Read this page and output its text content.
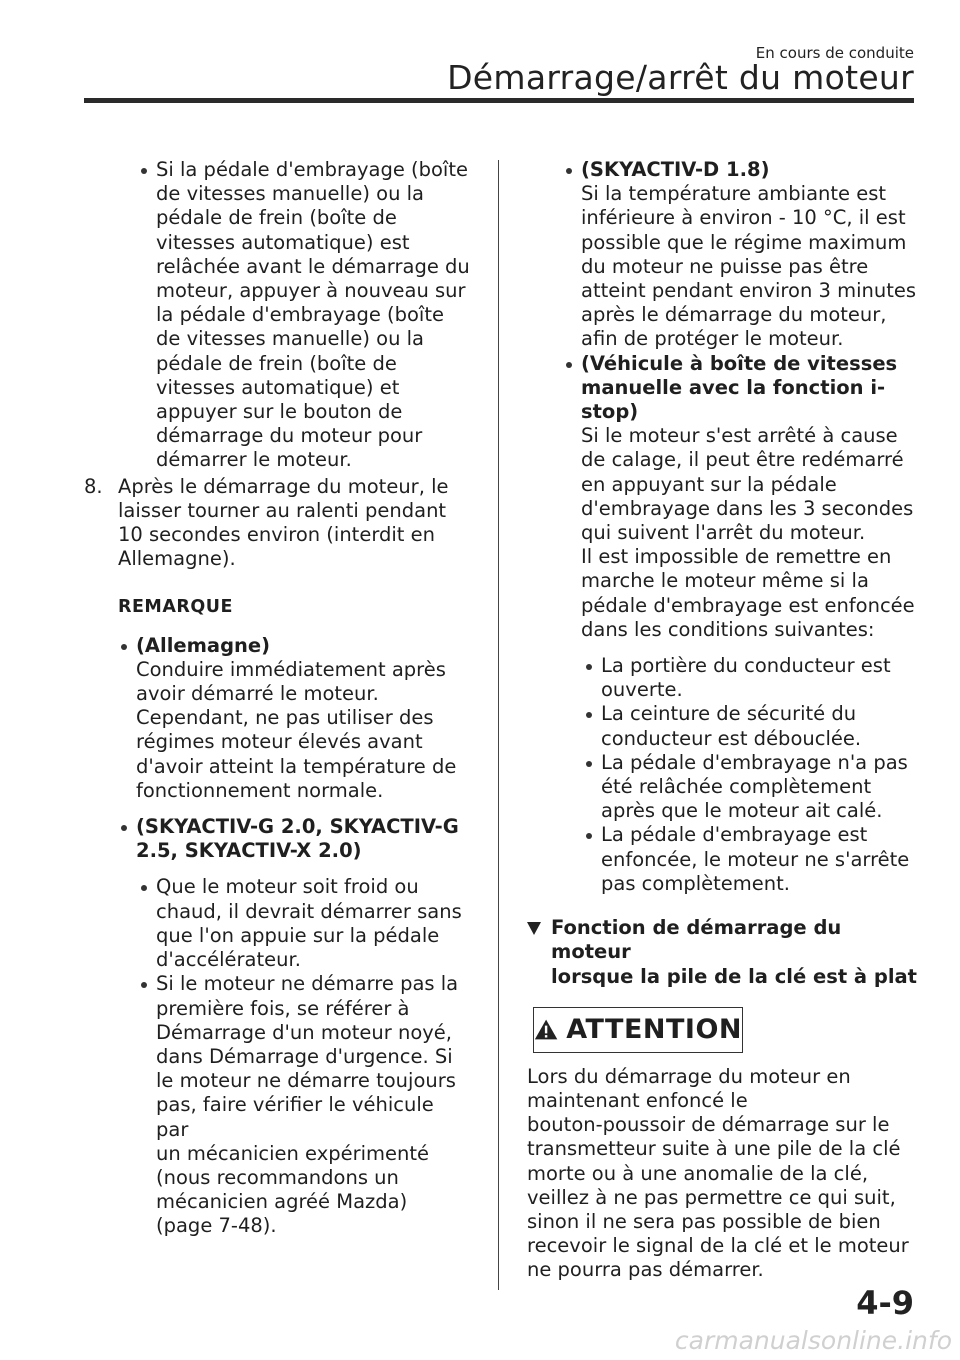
En cours de conduite
Démarrage/arrêt du moteur
Si la pédale d'embrayage (boîte
de vitesses manuelle) ou la
pédale de frein (boîte de
vitesses automatique) est
relâchée avant le démarrage du
moteur, appuyer à nouveau sur
la pédale d'embrayage (boîte
de vitesses manuelle) ou la
pédale de frein (boîte de
vitesses automatique) et
appuyer sur le bouton de
démarrage du moteur pour
démarrer le moteur.
8. Après le démarrage du moteur, le
laisser tourner au ralenti pendant
10 secondes environ (interdit en
Allemagne).

REMARQUE

(Allemagne)
Conduire immédiatement après
avoir démarré le moteur.
Cependant, ne pas utiliser des
régimes moteur élevés avant
d'avoir atteint la température de
fonctionnement normale.
(SKYACTIV-G 2.0, SKYACTIV-G
2.5, SKYACTIV-X 2.0)
Que le moteur soit froid ou
chaud, il devrait démarrer sans
que l'on appuie sur la pédale
d'accélérateur.
Si le moteur ne démarre pas la
première fois, se référer à
Démarrage d'un moteur noyé,
dans Démarrage d'urgence. Si
le moteur ne démarre toujours
pas, faire vérifier le véhicule par
un mécanicien expérimenté
(nous recommandons un
mécanicien agréé Mazda)
(page 7-48).
(SKYACTIV-D 1.8)
Si la température ambiante est
inférieure à environ - 10 °C, il est
possible que le régime maximum
du moteur ne puisse pas être
atteint pendant environ 3 minutes
après le démarrage du moteur,
afin de protéger le moteur.
(Véhicule à boîte de vitesses
manuelle avec la fonction i-stop)
Si le moteur s'est arrêté à cause
de calage, il peut être redémarré
en appuyant sur la pédale
d'embrayage dans les 3 secondes
qui suivent l'arrêt du moteur.
Il est impossible de remettre en
marche le moteur même si la
pédale d'embrayage est enfoncée
dans les conditions suivantes:
La portière du conducteur est
ouverte.
La ceinture de sécurité du
conducteur est débouclée.
La pédale d'embrayage n'a pas
été relâchée complètement
après que le moteur ait calé.
La pédale d'embrayage est
enfoncée, le moteur ne s'arrête
pas complètement.
Fonction de démarrage du moteur
lorsque la pile de la clé est à plat
ATTENTION
Lors du démarrage du moteur en
maintenant enfoncé le
bouton-poussoir de démarrage sur le
transmetteur suite à une pile de la clé
morte ou à une anomalie de la clé,
veillez à ne pas permettre ce qui suit,
sinon il ne sera pas possible de bien
recevoir le signal de la clé et le moteur
ne pourra pas démarrer.
4-9
carmanualsonline.info
